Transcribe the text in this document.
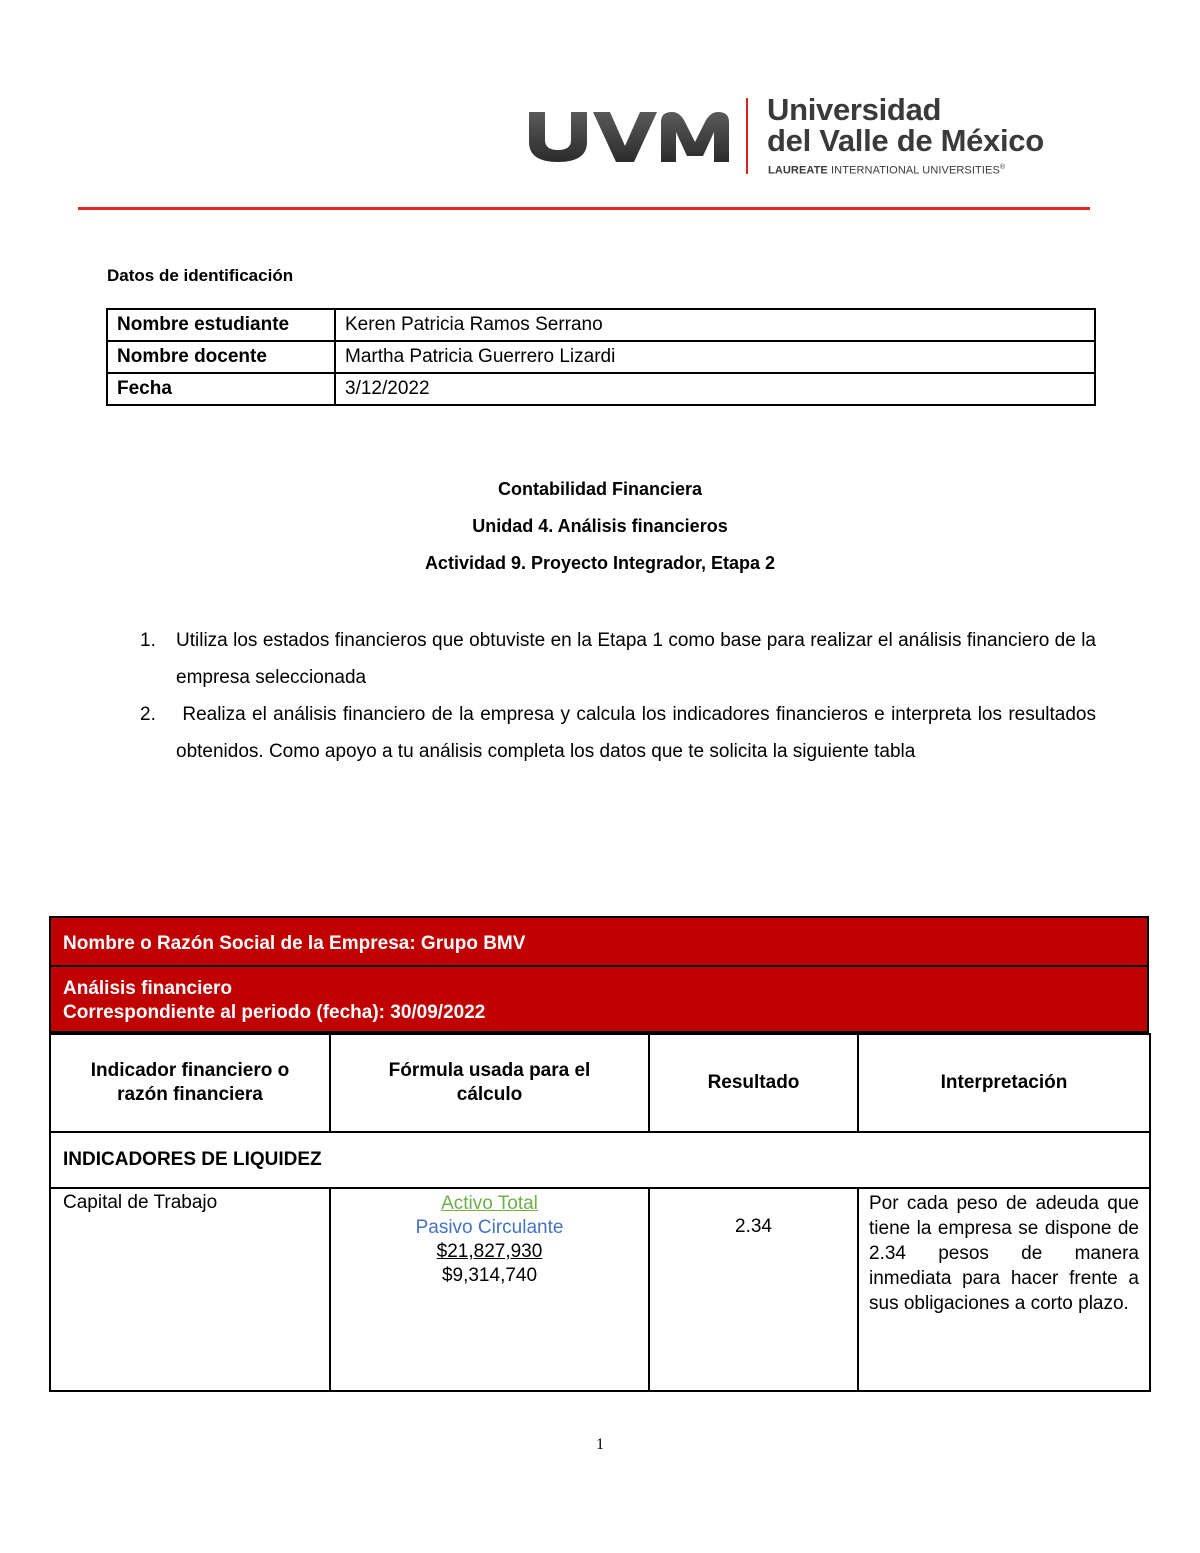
Universidad
del Valle de México
LAUREATE INTERNATIONAL UNIVERSITIES®
Datos de identificación
Nombre estudiante	Keren Patricia Ramos Serrano
Nombre docente	Martha Patricia Guerrero Lizardi
Fecha	3/12/2022
Contabilidad Financiera
Unidad 4. Análisis financieros
Actividad 9. Proyecto Integrador, Etapa 2
1. Utiliza los estados financieros que obtuviste en la Etapa 1 como base para realizar el análisis financiero de la empresa seleccionada
2. Realiza el análisis financiero de la empresa y calcula los indicadores financieros e interpreta los resultados obtenidos. Como apoyo a tu análisis completa los datos que te solicita la siguiente tabla
Nombre o Razón Social de la Empresa: Grupo BMV
Análisis financiero
Correspondiente al periodo (fecha): 30/09/2022
Indicador financiero o razón financiera	Fórmula usada para el cálculo	Resultado	Interpretación
INDICADORES DE LIQUIDEZ			
Capital de Trabajo	Activo Total
Pasivo Circulante
$21,827,930
$9,314,740	2.34	Por cada peso de adeuda que tiene la empresa se dispone de 2.34 pesos de manera inmediata para hacer frente a sus obligaciones a corto plazo.
1
